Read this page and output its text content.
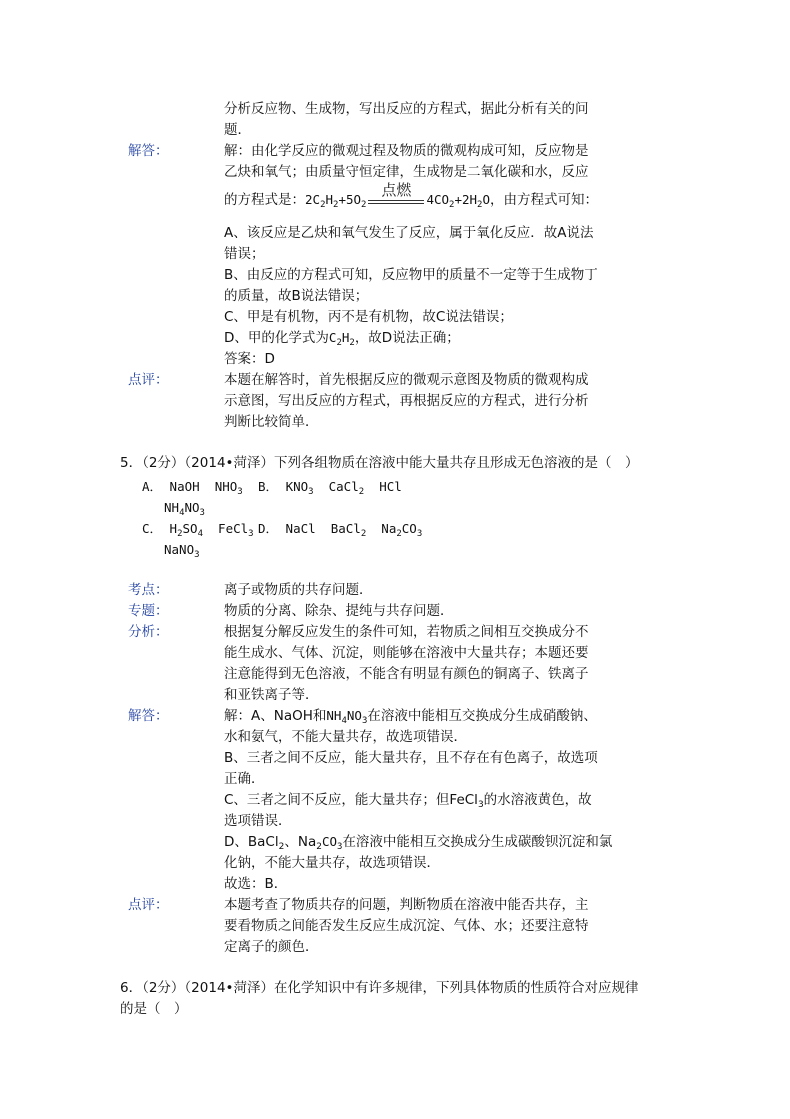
分析反应物、生成物，写出反应的方程式，据此分析有关的问
题．
解答：	解：由化学反应的微观过程及物质的微观构成可知，反应物是
乙炔和氧气；由质量守恒定律，生成物是二氧化碳和水，反应
的方程式是：$2C_2H_2+5O_2$
点燃
$4CO_2+2H_2O$，由方程式可知：
A、该反应是乙炔和氧气发生了反应，属于氧化反应．故A说法
错误；
B、由反应的方程式可知，反应物甲的质量不一定等于生成物丁
的质量，故B说法错误；
C、甲是有机物，丙不是有机物，故C说法错误；
D、甲的化学式为$C_2H_2$，故D说法正确；
答案：D
点评：	本题在解答时，首先根据反应的微观示意图及物质的微观构成
示意图，写出反应的方程式，再根据反应的方程式，进行分析
判断比较简单．
5．（2分）（2014•菏泽）下列各组物质在溶液中能大量共存且形成无色溶液的是（　）
A． NaOH  $NHO_3$ B． $KNO_3$ CaCl$_2$ HCl
$NH_4NO_3$
C． $H_2SO_4$  FeCl$_3$ D． NaCl  BaCl$_2$  $Na_2CO_3$
NaNO$_3$
考点：	离子或物质的共存问题．
专题：	物质的分离、除杂、提纯与共存问题．
分析：	根据复分解反应发生的条件可知，若物质之间相互交换成分不
能生成水、气体、沉淀，则能够在溶液中大量共存；本题还要
注意能得到无色溶液，不能含有明显有颜色的铜离子、铁离子
和亚铁离子等．
解答：	解：A、NaOH和$NH_4NO_3$在溶液中能相互交换成分生成硝酸钠、
水和氨气，不能大量共存，故选项错误．
B、三者之间不反应，能大量共存，且不存在有色离子，故选项
正确．
C、三者之间不反应，能大量共存；但FeCl$_3$的水溶液黄色，故
选项错误．
D、BaCl$_2$、$Na_2CO_3$在溶液中能相互交换成分生成碳酸钡沉淀和氯
化钠，不能大量共存，故选项错误．
故选：B．
点评：	本题考查了物质共存的问题，判断物质在溶液中能否共存，主
要看物质之间能否发生反应生成沉淀、气体、水；还要注意特
定离子的颜色．
6．（2分）（2014•菏泽）在化学知识中有许多规律，下列具体物质的性质符合对应规律
的是（　）
